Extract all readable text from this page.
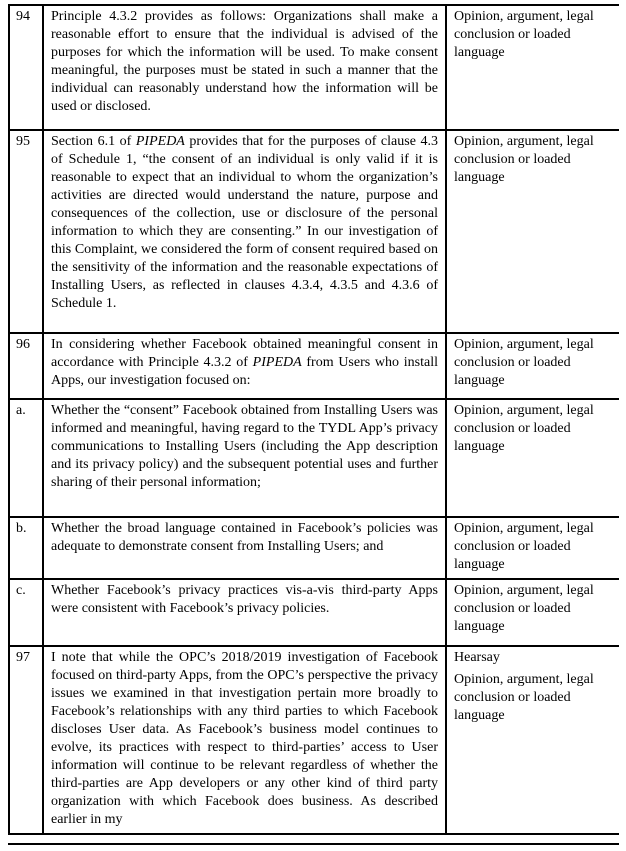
94	Principle 4.3.2 provides as follows: Organizations shall make a reasonable effort to ensure that the individual is advised of the purposes for which the information will be used. To make consent meaningful, the purposes must be stated in such a manner that the individual can reasonably understand how the information will be used or disclosed.	Opinion, argument, legal conclusion or loaded language

95	Section 6.1 of PIPEDA provides that for the purposes of clause 4.3 of Schedule 1, “the consent of an individual is only valid if it is reasonable to expect that an individual to whom the organization’s activities are directed would understand the nature, purpose and consequences of the collection, use or disclosure of the personal information to which they are consenting.” In our investigation of this Complaint, we considered the form of consent required based on the sensitivity of the information and the reasonable expectations of Installing Users, as reflected in clauses 4.3.4, 4.3.5 and 4.3.6 of Schedule 1.	Opinion, argument, legal conclusion or loaded language

96	In considering whether Facebook obtained meaningful consent in accordance with Principle 4.3.2 of PIPEDA from Users who install Apps, our investigation focused on:	Opinion, argument, legal conclusion or loaded language

a.	Whether the “consent” Facebook obtained from Installing Users was informed and meaningful, having regard to the TYDL App’s privacy communications to Installing Users (including the App description and its privacy policy) and the subsequent potential uses and further sharing of their personal information;	Opinion, argument, legal conclusion or loaded language

b.	Whether the broad language contained in Facebook’s policies was adequate to demonstrate consent from Installing Users; and	Opinion, argument, legal conclusion or loaded language

c.	Whether Facebook’s privacy practices vis-a-vis third-party Apps were consistent with Facebook’s privacy policies.	Opinion, argument, legal conclusion or loaded language

97	I note that while the OPC’s 2018/2019 investigation of Facebook focused on third-party Apps, from the OPC’s perspective the privacy issues we examined in that investigation pertain more broadly to Facebook’s relationships with any third parties to which Facebook discloses User data. As Facebook’s business model continues to evolve, its practices with respect to third-parties’ access to User information will continue to be relevant regardless of whether the third-parties are App developers or any other kind of third party organization with which Facebook does business. As described earlier in my	Hearsay
Opinion, argument, legal conclusion or loaded language
